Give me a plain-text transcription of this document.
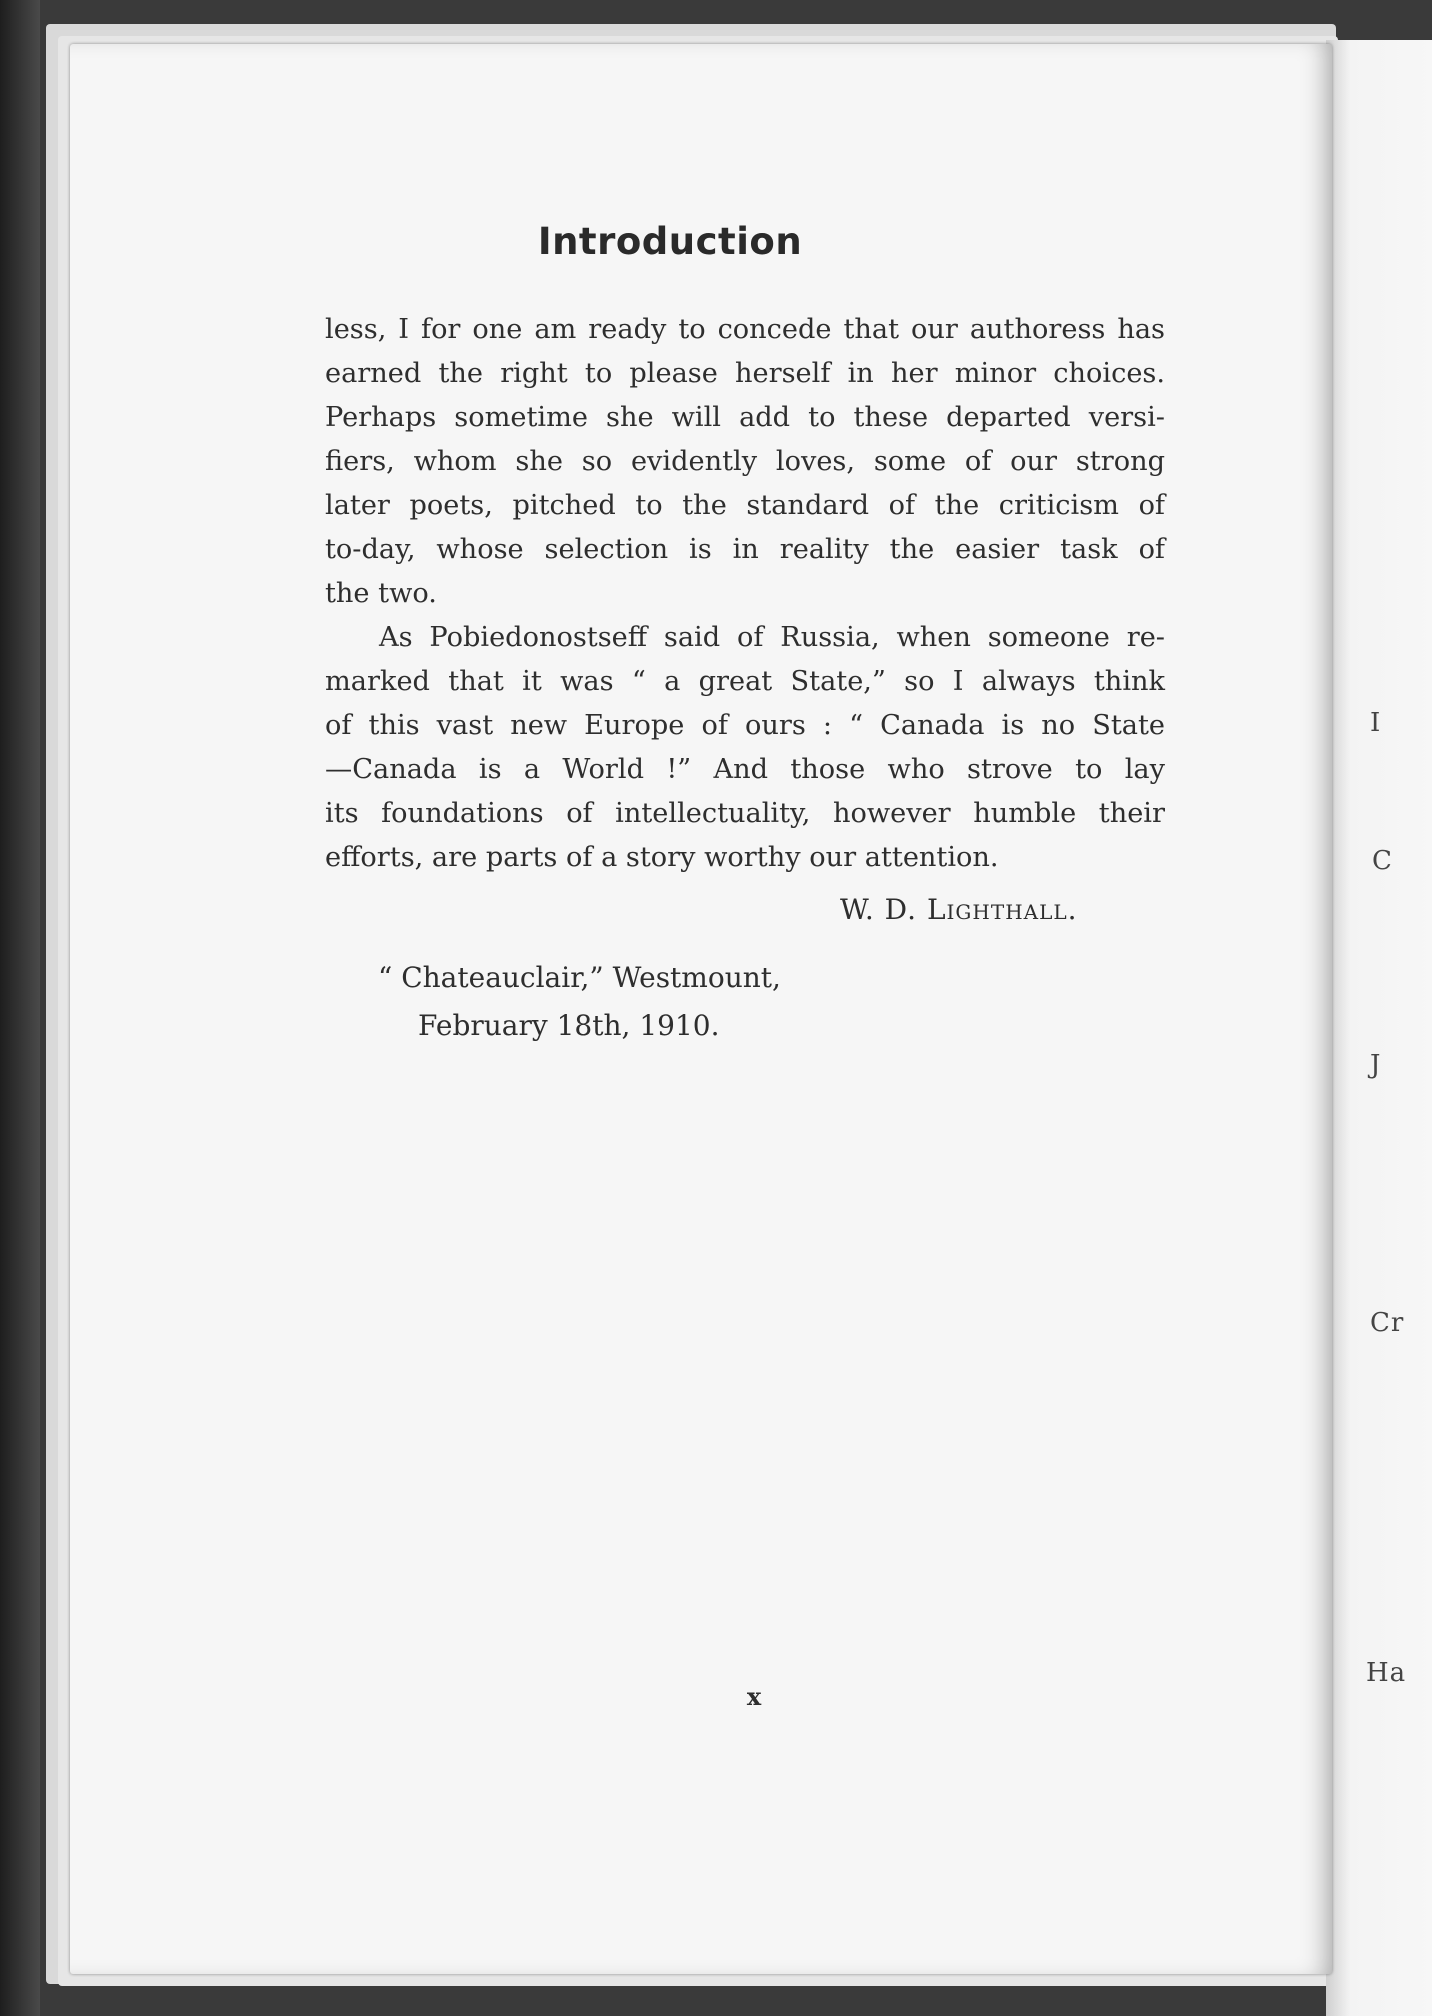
I
C
J
Cr
Ha
Introduction
less, I for one am ready to concede that our authoress has
earned the right to please herself in her minor choices.
Perhaps sometime she will add to these departed versi-
fiers, whom she so evidently loves, some of our strong
later poets, pitched to the standard of the criticism of
to-day, whose selection is in reality the easier task of
the two.
As Pobiedonostseff said of Russia, when someone re-
marked that it was “ a great State,” so I always think
of this vast new Europe of ours : “ Canada is no State
—Canada is a World !” And those who strove to lay
its foundations of intellectuality, however humble their
efforts, are parts of a story worthy our attention.
W. D. Lighthall.
“ Chateauclair,” Westmount,
February 18th, 1910.
x
